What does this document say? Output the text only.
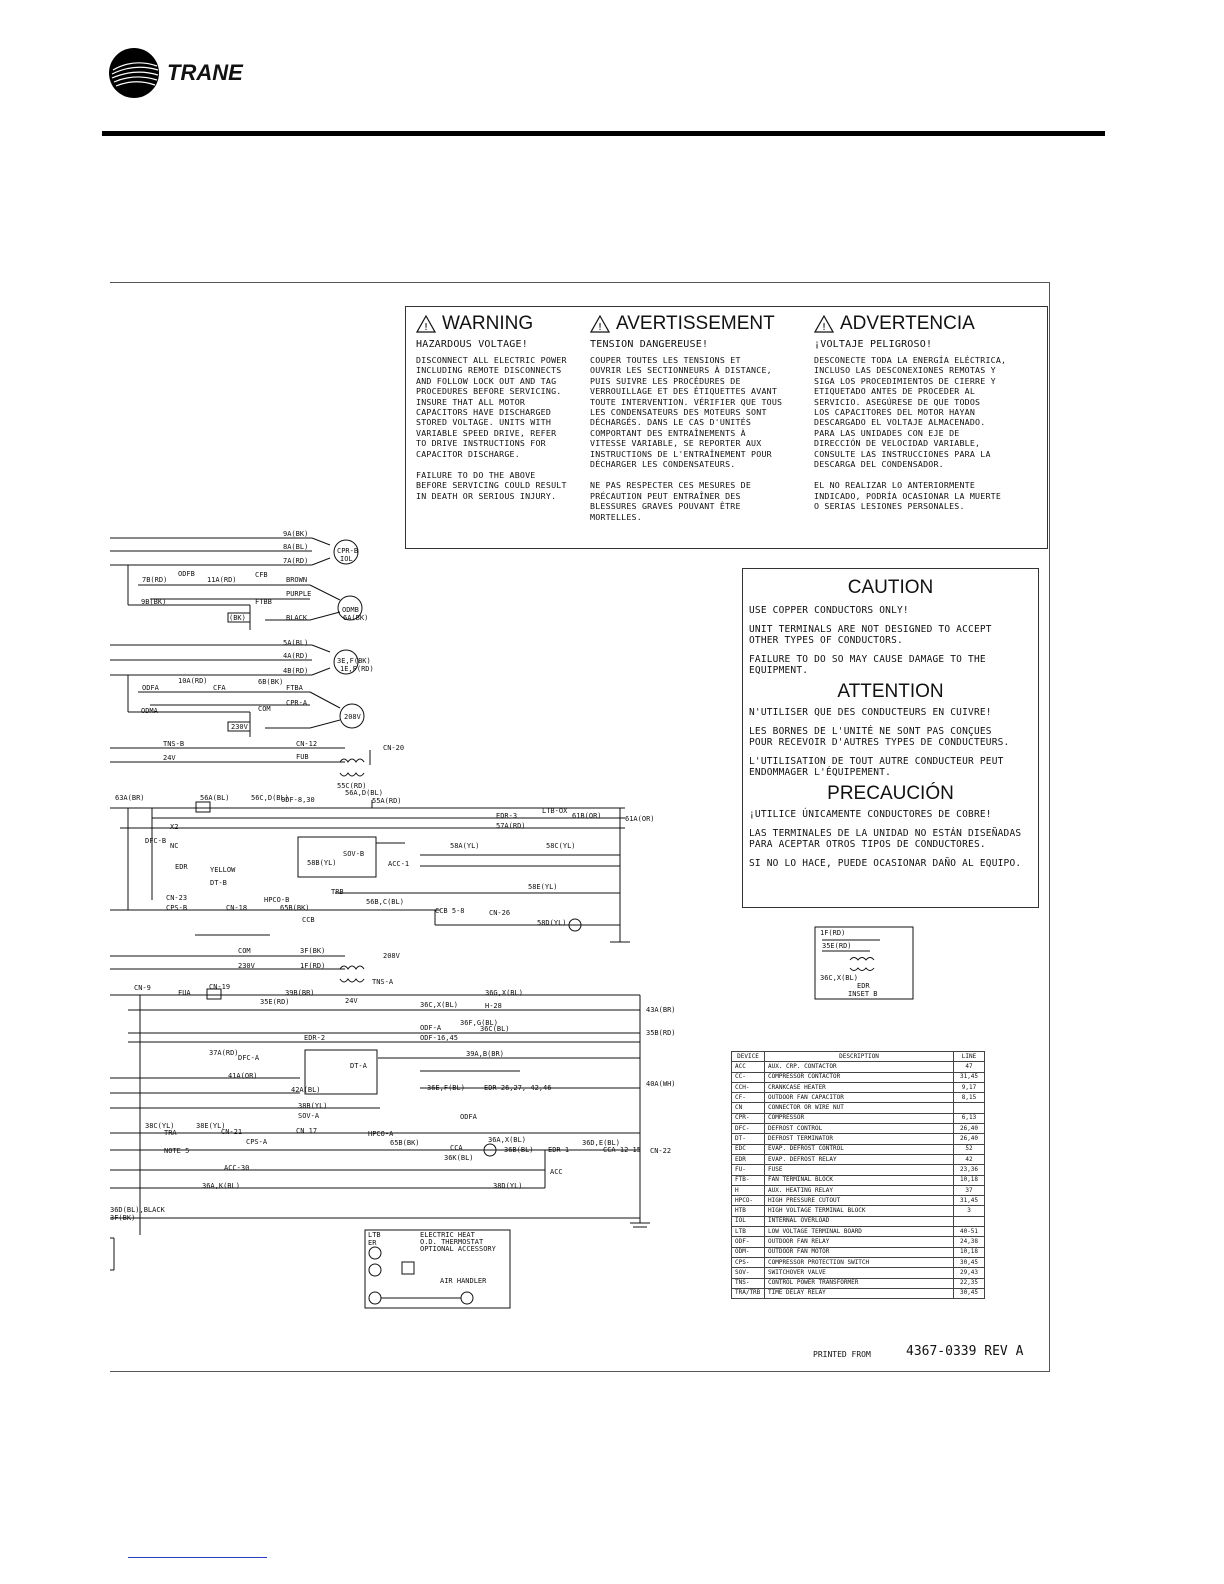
TRANE
! WARNING
HAZARDOUS VOLTAGE!
DISCONNECT ALL ELECTRIC POWER
INCLUDING REMOTE DISCONNECTS
AND FOLLOW LOCK OUT AND TAG
PROCEDURES BEFORE SERVICING.
INSURE THAT ALL MOTOR
CAPACITORS HAVE DISCHARGED
STORED VOLTAGE. UNITS WITH
VARIABLE SPEED DRIVE, REFER
TO DRIVE INSTRUCTIONS FOR
CAPACITOR DISCHARGE.
FAILURE TO DO THE ABOVE
BEFORE SERVICING COULD RESULT
IN DEATH OR SERIOUS INJURY.
! AVERTISSEMENT
TENSION DANGEREUSE!
COUPER TOUTES LES TENSIONS ET
OUVRIR LES SECTIONNEURS À DISTANCE,
PUIS SUIVRE LES PROCÉDURES DE
VERROUILLAGE ET DES ÉTIQUETTES AVANT
TOUTE INTERVENTION. VÉRIFIER QUE TOUS
LES CONDENSATEURS DES MOTEURS SONT
DÉCHARGÉS. DANS LE CAS D'UNITÉS
COMPORTANT DES ENTRAÎNEMENTS À
VITESSE VARIABLE, SE REPORTER AUX
INSTRUCTIONS DE L'ENTRAÎNEMENT POUR
DÉCHARGER LES CONDENSATEURS.
NE PAS RESPECTER CES MESURES DE
PRÉCAUTION PEUT ENTRAÎNER DES
BLESSURES GRAVES POUVANT ÊTRE
MORTELLES.
! ADVERTENCIA
¡VOLTAJE PELIGROSO!
DESCONECTE TODA LA ENERGÍA ELÉCTRICA,
INCLUSO LAS DESCONEXIONES REMOTAS Y
SIGA LOS PROCEDIMIENTOS DE CIERRE Y
ETIQUETADO ANTES DE PROCEDER AL
SERVICIO. ASEGÚRESE DE QUE TODOS
LOS CAPACITORES DEL MOTOR HAYAN
DESCARGADO EL VOLTAJE ALMACENADO.
PARA LAS UNIDADES CON EJE DE
DIRECCIÓN DE VELOCIDAD VARIABLE,
CONSULTE LAS INSTRUCCIONES PARA LA
DESCARGA DEL CONDENSADOR.
EL NO REALIZAR LO ANTERIORMENTE
INDICADO, PODRÍA OCASIONAR LA MUERTE
O SERIAS LESIONES PERSONALES.
CAUTION
USE COPPER CONDUCTORS ONLY!
UNIT TERMINALS ARE NOT DESIGNED TO ACCEPT
OTHER TYPES OF CONDUCTORS.
FAILURE TO DO SO MAY CAUSE DAMAGE TO THE
EQUIPMENT.
ATTENTION
N'UTILISER QUE DES CONDUCTEURS EN CUIVRE!
LES BORNES DE L'UNITÉ NE SONT PAS CONÇUES
POUR RECEVOIR D'AUTRES TYPES DE CONDUCTEURS.
L'UTILISATION DE TOUT AUTRE CONDUCTEUR PEUT
ENDOMMAGER L'ÉQUIPEMENT.
PRECAUCIÓN
¡UTILICE ÚNICAMENTE CONDUCTORES DE COBRE!
LAS TERMINALES DE LA UNIDAD NO ESTÁN DISEÑADAS
PARA ACEPTAR OTROS TIPOS DE CONDUCTORES.
SI NO LO HACE, PUEDE OCASIONAR DAÑO AL EQUIPO.
9A(BK)
8A(BL)
7A(RD)
7B(RD)
ODFB
11A(RD)
CFB
BROWN
PURPLE
BLACK
9B(BK)	FTBB
(BK)
CPR-B
IOL
ODMB
6A(BK)
5A(BL)
4A(RD)
4B(RD)
ODFA
10A(RD)
CFA
6B(BK)
FTBA
CPR-A
ODMA	COM
230V
3E,F(BK)
1E,F(RD)
208V
TNS-B
24V
CN-12
FUB
CN-20
55C(RD)
56A,D(BL)
63A(BR)	56A(BL)	56C,D(BL)
ODF-8,30	55A(RD)
EDR-3
57A(RD)
LTB-OX
61B(OR)	61A(OR)
X2
DFC-B
NC
EDR	YELLOW
DT-B
58B(YL)
SOV-B
ACC-1
58A(YL)	58C(YL)
TRB
58E(YL)
CN-23
CPS-B	CN-18
HPCO-B
65B(BK)
CCB
56B,C(BL)
CCB 5-8	CN-26
58D(YL)
COM
230V
3F(BK)
1F(RD)
208V
TNS-A
24V
CN-9
FUA
CN-19
35E(RD)
39B(BR)
36C,X(BL)
36G,X(BL)
H-28	43A(BR)
ODF-A
36F,G(BL)
36C(BL)
ODF-16,45
35B(RD)
EDR-2
37A(RD)
DFC-A
DT-A
39A,B(BR)
41A(OR)
42A(BL)	36E,F(BL)	EDR-26,27, 42,46	40A(WH)
38B(YL)
SOV-A	ODFA
38C(YL)
TRA
38E(YL)
CN-21
CPS-A
CN 17	HPCO-A
65B(BK)
CCA
36A,X(BL)
36B(BL) EDR-1
36D,E(BL)
CCA 12-15 CN-22
36K(BL)
ACC-30	ACC
36A,K(BL)	38D(YL)
NOTE 5
36D(BL),BLACK
3F(BK)
1F(RD)
35E(RD)
36C,X(BL)
EDR
LTB
ER
INSET B
ELECTRIC HEAT
O.D. THERMOSTAT
OPTIONAL ACCESSORY
AIR HANDLER
DEVICE	DESCRIPTION	LINE
ACC	AUX. CRP. CONTACTOR	47
CC-	COMPRESSOR CONTACTOR	31,45
CCH-	CRANKCASE HEATER	9,17
CF-	OUTDOOR FAN CAPACITOR	8,15
CN	CONNECTOR OR WIRE NUT	
CPR-	COMPRESSOR	6,13
DFC-	DEFROST CONTROL	26,40
DT-	DEFROST TERMINATOR	26,40
EDC	EVAP. DEFROST CONTROL	52
EDR	EVAP. DEFROST RELAY	42
FU-	FUSE	23,36
FTB-	FAN TERMINAL BLOCK	10,18
H	AUX. HEATING RELAY	37
HPCO-	HIGH PRESSURE CUTOUT	31,45
HTB	HIGH VOLTAGE TERMINAL BLOCK	3
IOL	INTERNAL OVERLOAD	
LTB	LOW VOLTAGE TERMINAL BOARD	40-51
ODF-	OUTDOOR FAN RELAY	24,38
ODM-	OUTDOOR FAN MOTOR	10,18
CPS-	COMPRESSOR PROTECTION SWITCH	30,45
SOV-	SWITCHOVER VALVE	29,43
TNS-	CONTROL POWER TRANSFORMER	22,35
TRA/TRB	TIME DELAY RELAY	30,45
PRINTED FROM	4367-0339 REV A
